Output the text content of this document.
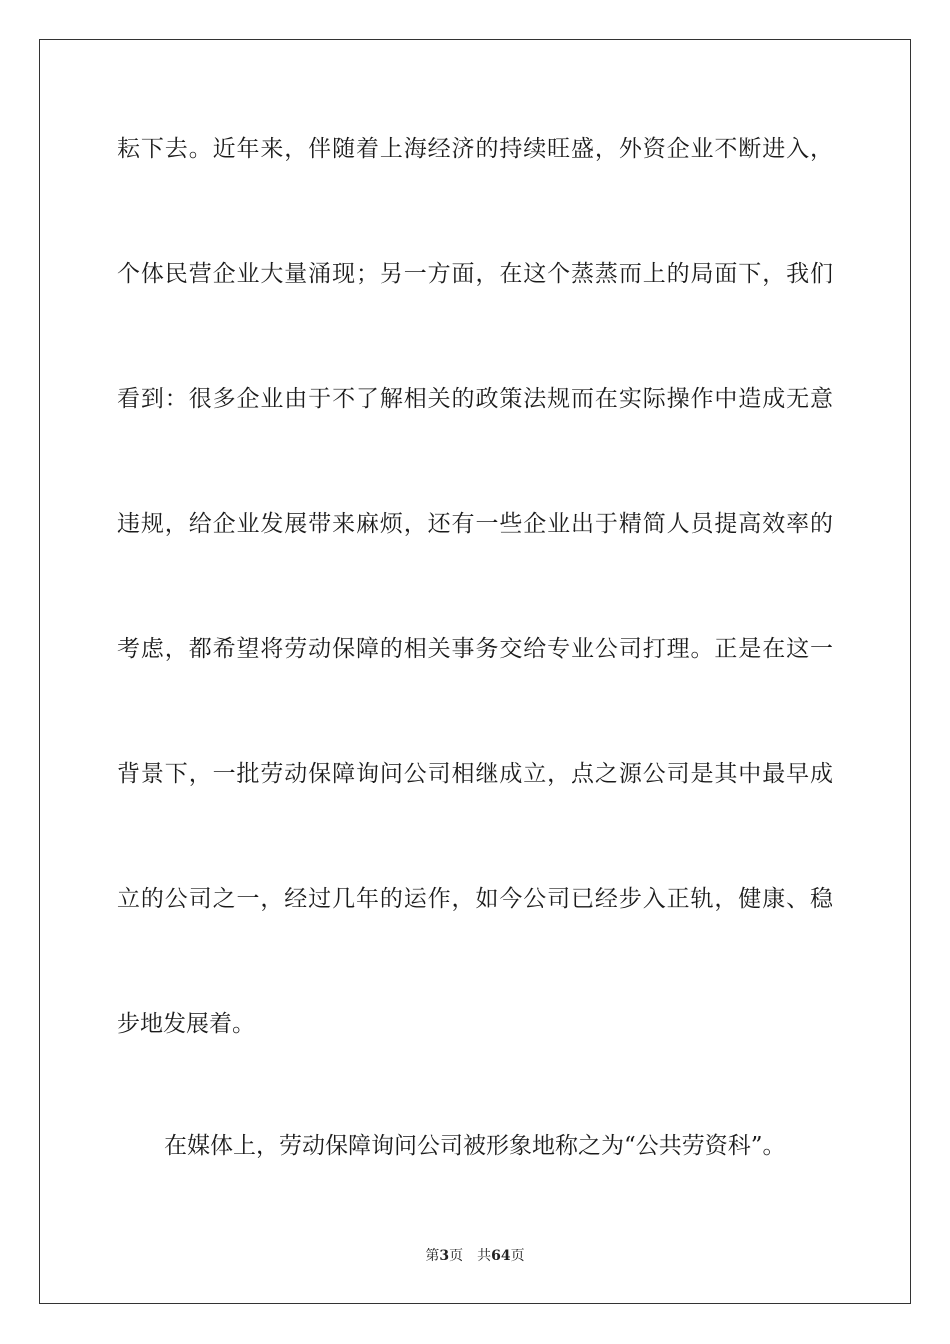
耘下去。近年来，伴随着上海经济的持续旺盛，外资企业不断进入，
个体民营企业大量涌现；另一方面，在这个蒸蒸而上的局面下，我们
看到：很多企业由于不了解相关的政策法规而在实际操作中造成无意
违规，给企业发展带来麻烦，还有一些企业出于精简人员提高效率的
考虑，都希望将劳动保障的相关事务交给专业公司打理。正是在这一
背景下，一批劳动保障询问公司相继成立，点之源公司是其中最早成
立的公司之一，经过几年的运作，如今公司已经步入正轨，健康、稳
步地发展着。
在媒体上，劳动保障询问公司被形象地称之为“公共劳资科”。
第3页 共64页
